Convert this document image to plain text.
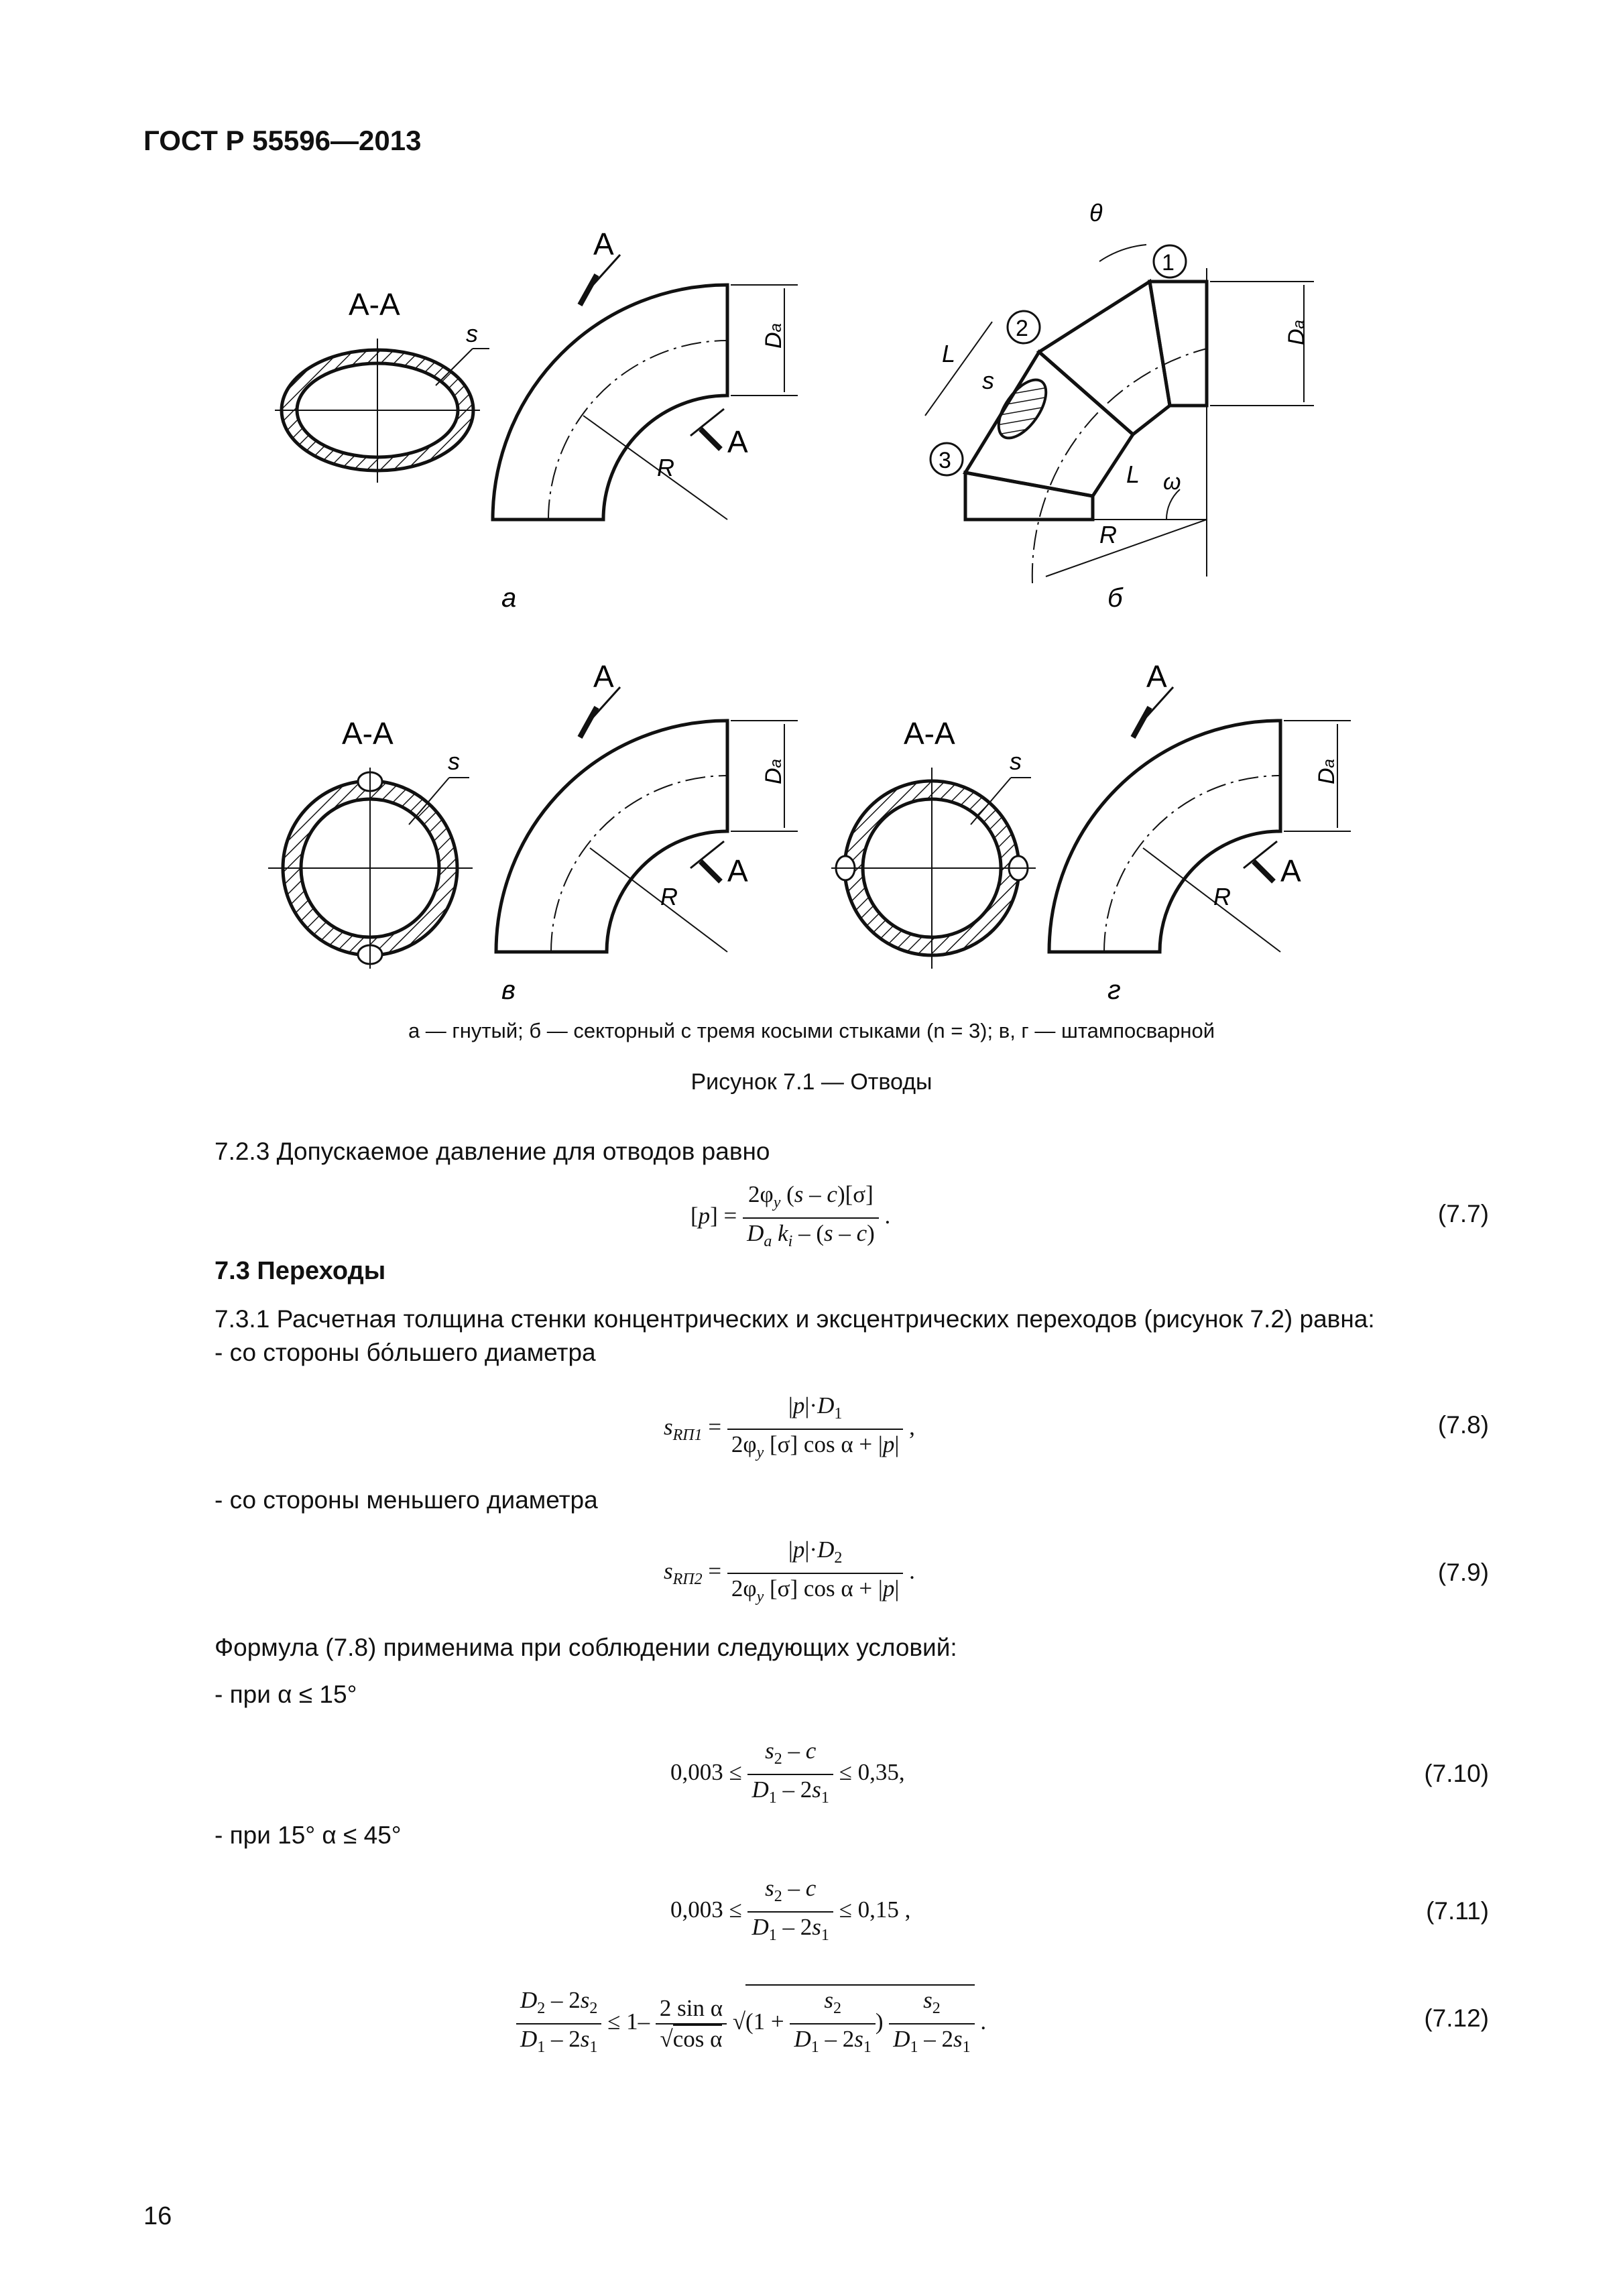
ГОСТ Р 55596—2013
s
А-А
R
Da
А
А
а
R
Da
s
L
L ω
θ
1
2
3
б
s
А-А
R
Da
А
А
в
s
А-А
R
Da
А
А
г
а — гнутый; б — секторный с тремя косыми стыками (n = 3); в, г — штампосварной
Рисунок 7.1 — Отводы
7.2.3 Допускаемое давление для отводов равно
$[p] = \frac{2\varphi_y (s - c)[\sigma]}{D_a k_i - (s - c)}$ .	(7.7)
7.3 Переходы
7.3.1 Расчетная толщина стенки концентрических и эксцентрических переходов (рисунок 7.2) равна:
- со стороны бо́льшего диаметра
$s_{RП1} = \frac{|p|\cdot D_1}{2\varphi_y [\sigma] \cos \alpha + |p|}$ ,	(7.8)
- со стороны меньшего диаметра
$s_{RП2} = \frac{|p|\cdot D_2}{2\varphi_y [\sigma] \cos \alpha + |p|}$ .	(7.9)
Формула (7.8) применима при соблюдении следующих условий:
- при α ≤ 15°
$0,003 \le \frac{s_2 - c}{D_1 - 2s_1} \le 0,35$,	(7.10)
- при 15° α ≤ 45°
$0,003 \le \frac{s_2 - c}{D_1 - 2s_1} \le 0,15$ ,	(7.11)
$\frac{D_2 - 2s_2}{D_1 - 2s_1} \le 1- \frac{\text{2 sin α}}{\text{√cos α}} √(1 + \frac{s_2}{D_1 - 2s_1}$ ) $\frac{s_2}{D_1 - 2s_1}$ .	(7.12)
16
